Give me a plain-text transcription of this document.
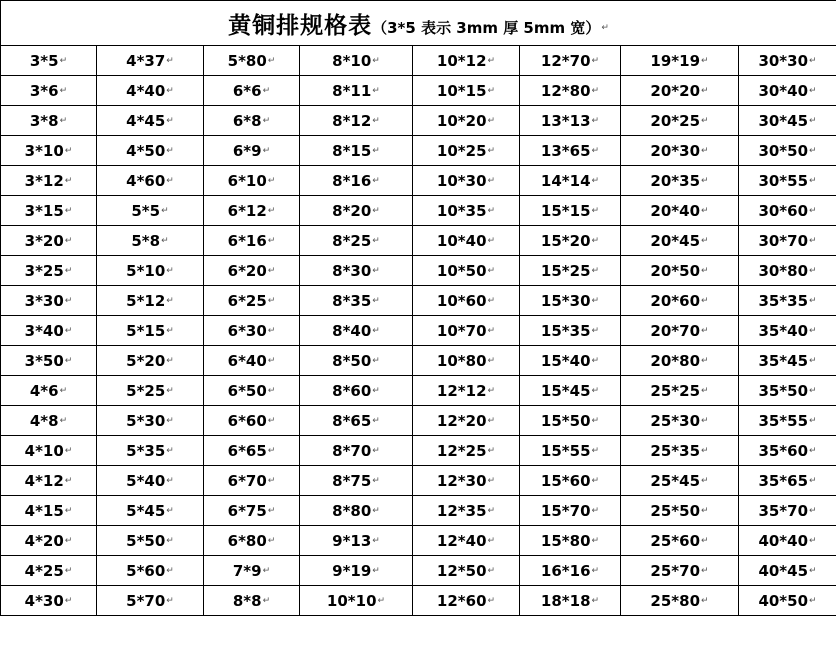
黄铜排规格表（3*5 表示 3mm 厚 5mm 宽）↵							
3*5↵	4*37↵	5*80↵	8*10↵	10*12↵	12*70↵	19*19↵	30*30↵
3*6↵	4*40↵	6*6↵	8*11↵	10*15↵	12*80↵	20*20↵	30*40↵
3*8↵	4*45↵	6*8↵	8*12↵	10*20↵	13*13↵	20*25↵	30*45↵
3*10↵	4*50↵	6*9↵	8*15↵	10*25↵	13*65↵	20*30↵	30*50↵
3*12↵	4*60↵	6*10↵	8*16↵	10*30↵	14*14↵	20*35↵	30*55↵
3*15↵	5*5↵	6*12↵	8*20↵	10*35↵	15*15↵	20*40↵	30*60↵
3*20↵	5*8↵	6*16↵	8*25↵	10*40↵	15*20↵	20*45↵	30*70↵
3*25↵	5*10↵	6*20↵	8*30↵	10*50↵	15*25↵	20*50↵	30*80↵
3*30↵	5*12↵	6*25↵	8*35↵	10*60↵	15*30↵	20*60↵	35*35↵
3*40↵	5*15↵	6*30↵	8*40↵	10*70↵	15*35↵	20*70↵	35*40↵
3*50↵	5*20↵	6*40↵	8*50↵	10*80↵	15*40↵	20*80↵	35*45↵
4*6↵	5*25↵	6*50↵	8*60↵	12*12↵	15*45↵	25*25↵	35*50↵
4*8↵	5*30↵	6*60↵	8*65↵	12*20↵	15*50↵	25*30↵	35*55↵
4*10↵	5*35↵	6*65↵	8*70↵	12*25↵	15*55↵	25*35↵	35*60↵
4*12↵	5*40↵	6*70↵	8*75↵	12*30↵	15*60↵	25*45↵	35*65↵
4*15↵	5*45↵	6*75↵	8*80↵	12*35↵	15*70↵	25*50↵	35*70↵
4*20↵	5*50↵	6*80↵	9*13↵	12*40↵	15*80↵	25*60↵	40*40↵
4*25↵	5*60↵	7*9↵	9*19↵	12*50↵	16*16↵	25*70↵	40*45↵
4*30↵	5*70↵	8*8↵	10*10↵	12*60↵	18*18↵	25*80↵	40*50↵
